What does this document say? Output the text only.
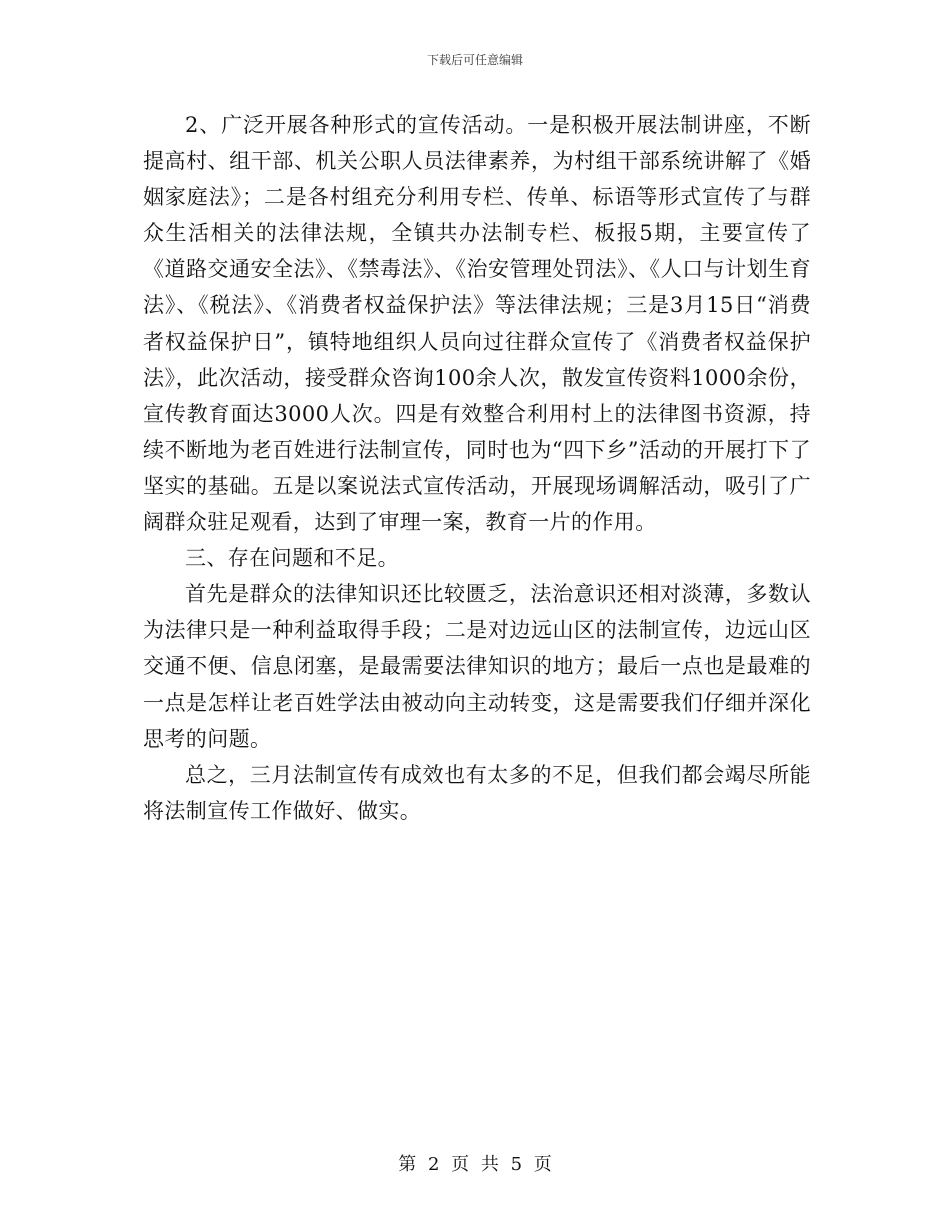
下载后可任意编辑

2、广泛开展各种形式的宣传活动。一是积极开展法制讲座，不断提高村、组干部、机关公职人员法律素养，为村组干部系统讲解了《婚姻家庭法》；二是各村组充分利用专栏、传单、标语等形式宣传了与群众生活相关的法律法规，全镇共办法制专栏、板报5期，主要宣传了《道路交通安全法》、《禁毒法》、《治安管理处罚法》、《人口与计划生育法》、《税法》、《消费者权益保护法》等法律法规；三是3月15日“消费者权益保护日”，镇特地组织人员向过往群众宣传了《消费者权益保护法》，此次活动，接受群众咨询100余人次，散发宣传资料1000余份，宣传教育面达3000人次。四是有效整合利用村上的法律图书资源，持续不断地为老百姓进行法制宣传，同时也为“四下乡”活动的开展打下了坚实的基础。五是以案说法式宣传活动，开展现场调解活动，吸引了广阔群众驻足观看，达到了审理一案，教育一片的作用。

三、存在问题和不足。

首先是群众的法律知识还比较匮乏，法治意识还相对淡薄，多数认为法律只是一种利益取得手段；二是对边远山区的法制宣传，边远山区交通不便、信息闭塞，是最需要法律知识的地方；最后一点也是最难的一点是怎样让老百姓学法由被动向主动转变，这是需要我们仔细并深化思考的问题。

总之，三月法制宣传有成效也有太多的不足，但我们都会竭尽所能将法制宣传工作做好、做实。

第 2 页 共 5 页
